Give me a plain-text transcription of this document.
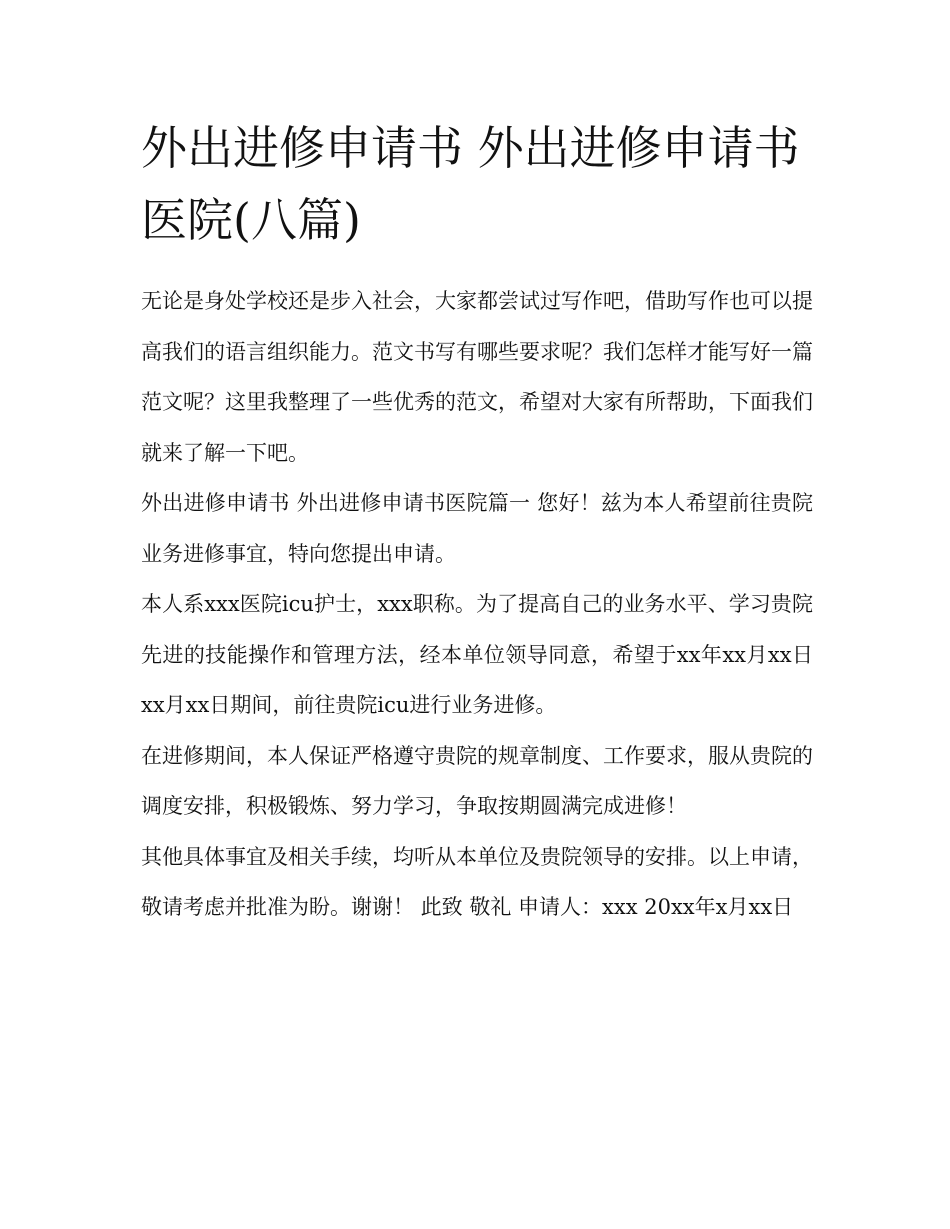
外出进修申请书 外出进修申请书医院(八篇)

无论是身处学校还是步入社会，大家都尝试过写作吧，借助写作也可以提高我们的语言组织能力。范文书写有哪些要求呢？我们怎样才能写好一篇范文呢？这里我整理了一些优秀的范文，希望对大家有所帮助，下面我们就来了解一下吧。

外出进修申请书 外出进修申请书医院篇一 您好！兹为本人希望前往贵院业务进修事宜，特向您提出申请。

本人系xxx医院icu护士，xxx职称。为了提高自己的业务水平、学习贵院先进的技能操作和管理方法，经本单位领导同意，希望于xx年xx月xx日xx月xx日期间，前往贵院icu进行业务进修。

在进修期间，本人保证严格遵守贵院的规章制度、工作要求，服从贵院的调度安排，积极锻炼、努力学习，争取按期圆满完成进修！

其他具体事宜及相关手续，均听从本单位及贵院领导的安排。以上申请，敬请考虑并批准为盼。谢谢！ 此致 敬礼 申请人：xxx 20xx年x月xx日
